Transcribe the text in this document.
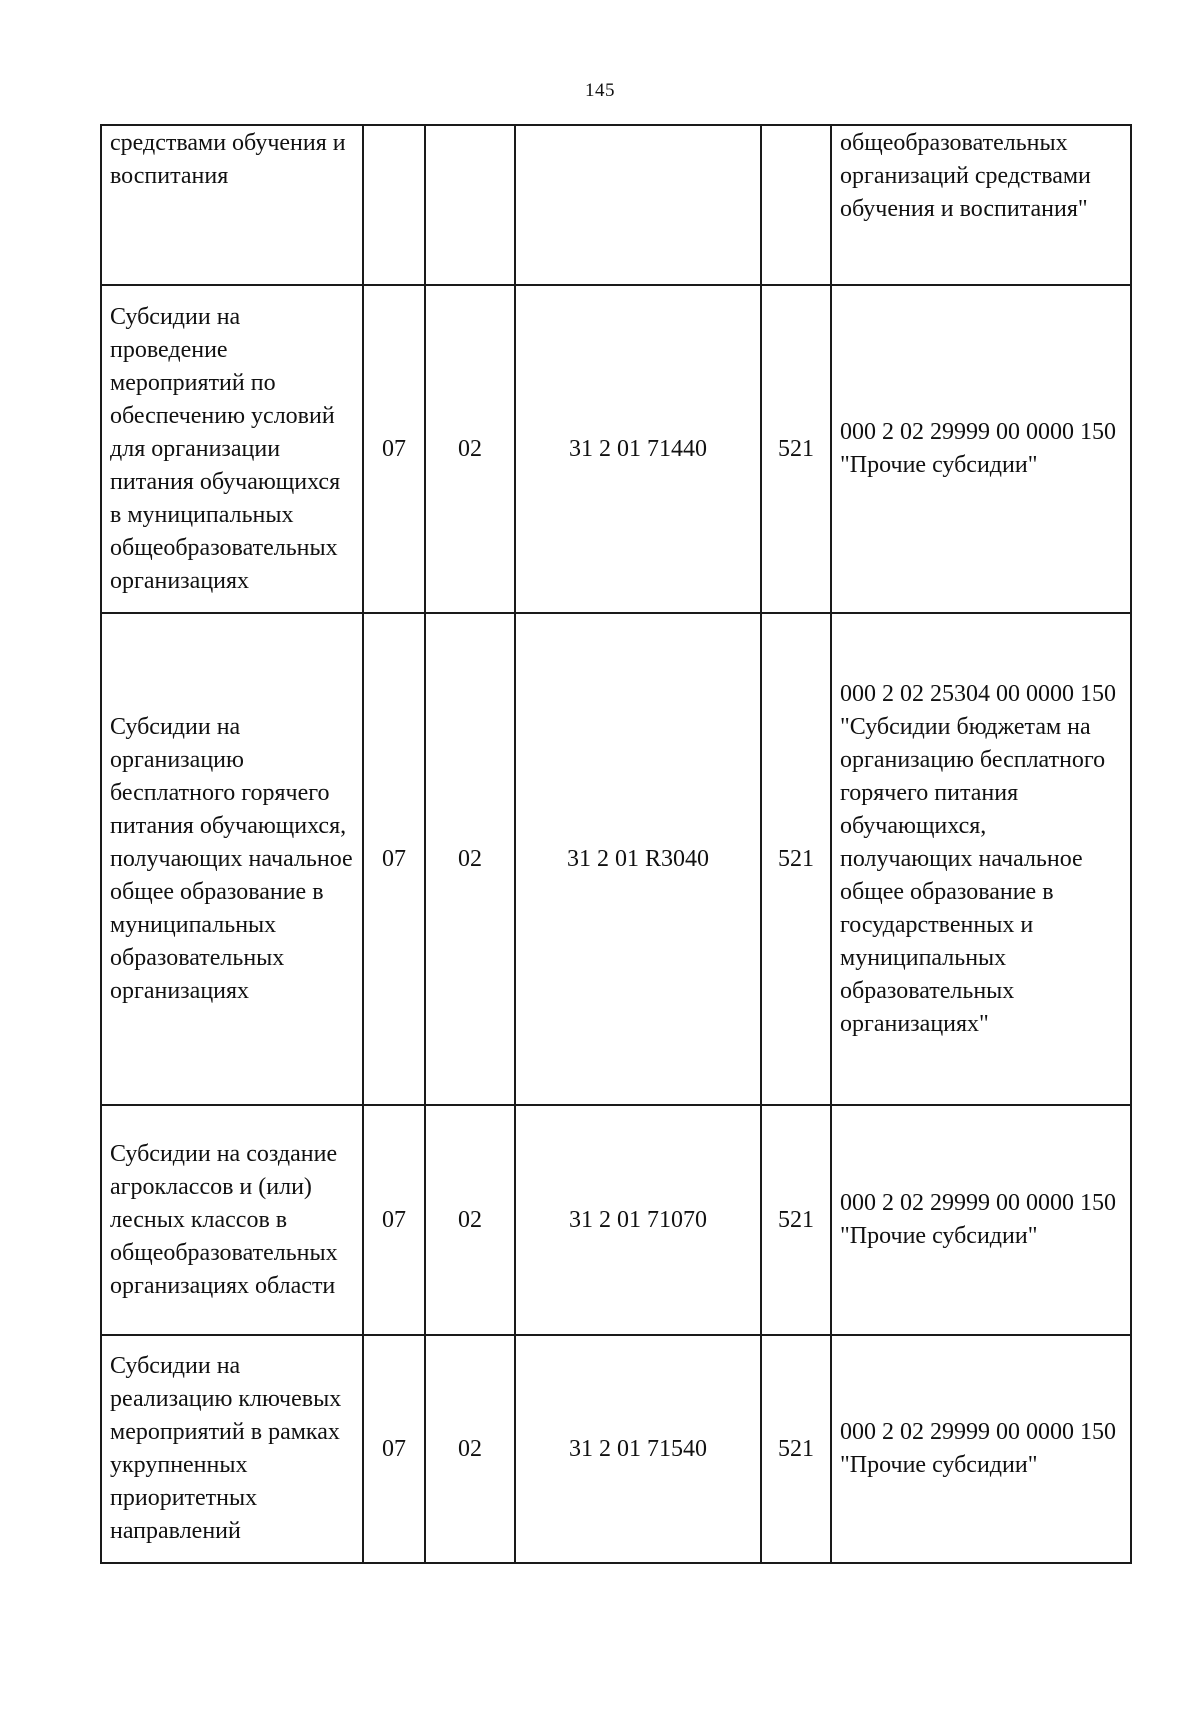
145
средствами обучения и воспитания					общеобразовательных организаций средствами обучения и воспитания"
Субсидии на проведение мероприятий по обеспечению условий для организации питания обучающихся в муниципальных общеобразовательных организациях	07	02	31 2 01 71440	521	000 2 02 29999 00 0000 150 "Прочие субсидии"
Субсидии на организацию бесплатного горячего питания обучающихся, получающих начальное общее образование в муниципальных образовательных организациях	07	02	31 2 01 R3040	521	000 2 02 25304 00 0000 150 "Субсидии бюджетам на организацию бесплатного горячего питания обучающихся, получающих начальное общее образование в государственных и муниципальных образовательных организациях"
Субсидии на создание агроклассов и (или) лесных классов в общеобразовательных организациях области	07	02	31 2 01 71070	521	000 2 02 29999 00 0000 150 "Прочие субсидии"
Субсидии на реализацию ключевых мероприятий в рамках укрупненных приоритетных направлений	07	02	31 2 01 71540	521	000 2 02 29999 00 0000 150 "Прочие субсидии"
